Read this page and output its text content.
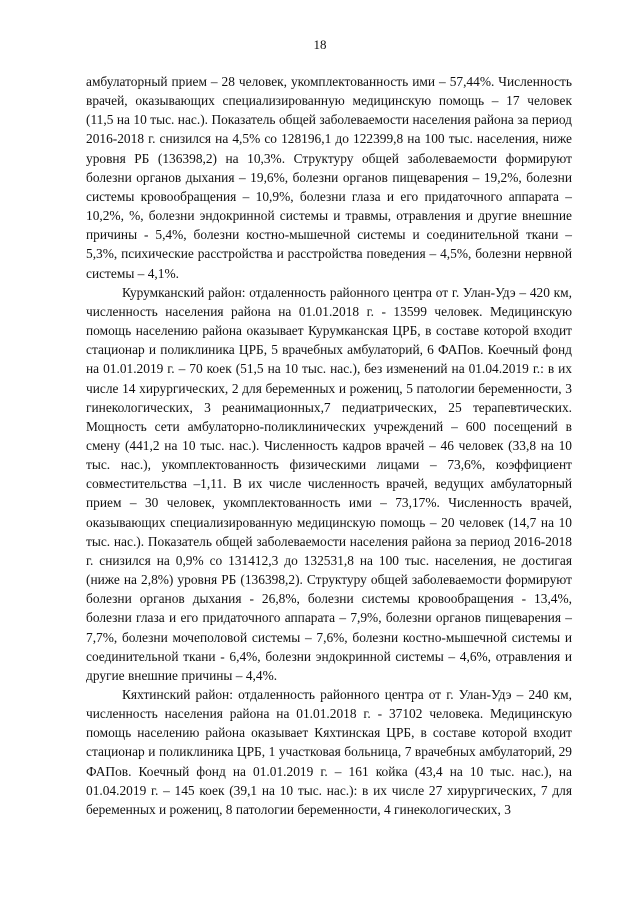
18

амбулаторный прием – 28 человек, укомплектованность ими – 57,44%. Численность врачей, оказывающих специализированную медицинскую помощь – 17 человек (11,5 на 10 тыс. нас.). Показатель общей заболеваемости населения района за период 2016-2018 г. снизился на 4,5% со 128196,1 до 122399,8 на 100 тыс. населения, ниже уровня РБ (136398,2) на 10,3%. Структуру общей заболеваемости формируют болезни органов дыхания – 19,6%, болезни органов пищеварения – 19,2%, болезни системы кровообращения – 10,9%, болезни глаза и его придаточного аппарата – 10,2%, %, болезни эндокринной системы и травмы, отравления и другие внешние причины - 5,4%, болезни костно-мышечной системы и соединительной ткани – 5,3%, психические расстройства и расстройства поведения – 4,5%, болезни нервной системы – 4,1%.

Курумканский район: отдаленность районного центра от г. Улан-Удэ – 420 км, численность населения района на 01.01.2018 г. - 13599 человек. Медицинскую помощь населению района оказывает Курумканская ЦРБ, в составе которой входит стационар и поликлиника ЦРБ, 5 врачебных амбулаторий, 6 ФАПов. Коечный фонд на 01.01.2019 г. – 70 коек (51,5 на 10 тыс. нас.), без изменений на 01.04.2019 г.: в их числе 14 хирургических, 2 для беременных и рожениц, 5 патологии беременности, 3 гинекологических, 3 реанимационных,7 педиатрических, 25 терапевтических. Мощность сети амбулаторно-поликлинических учреждений – 600 посещений в смену (441,2 на 10 тыс. нас.). Численность кадров врачей – 46 человек (33,8 на 10 тыс. нас.), укомплектованность физическими лицами – 73,6%, коэффициент совместительства –1,11. В их числе численность врачей, ведущих амбулаторный прием – 30 человек, укомплектованность ими – 73,17%. Численность врачей, оказывающих специализированную медицинскую помощь – 20 человек (14,7 на 10 тыс. нас.). Показатель общей заболеваемости населения района за период 2016-2018 г. снизился на 0,9% со 131412,3 до 132531,8 на 100 тыс. населения, не достигая (ниже на 2,8%) уровня РБ (136398,2). Структуру общей заболеваемости формируют болезни органов дыхания - 26,8%, болезни системы кровообращения - 13,4%, болезни глаза и его придаточного аппарата – 7,9%, болезни органов пищеварения – 7,7%, болезни мочеполовой системы – 7,6%, болезни костно-мышечной системы и соединительной ткани - 6,4%, болезни эндокринной системы – 4,6%, отравления и другие внешние причины – 4,4%.

Кяхтинский район: отдаленность районного центра от г. Улан-Удэ – 240 км, численность населения района на 01.01.2018 г. - 37102 человека. Медицинскую помощь населению района оказывает Кяхтинская ЦРБ, в составе которой входит стационар и поликлиника ЦРБ, 1 участковая больница, 7 врачебных амбулаторий, 29 ФАПов. Коечный фонд на 01.01.2019 г. – 161 койка (43,4 на 10 тыс. нас.), на 01.04.2019 г. – 145 коек (39,1 на 10 тыс. нас.): в их числе 27 хирургических, 7 для беременных и рожениц, 8 патологии беременности, 4 гинекологических, 3
